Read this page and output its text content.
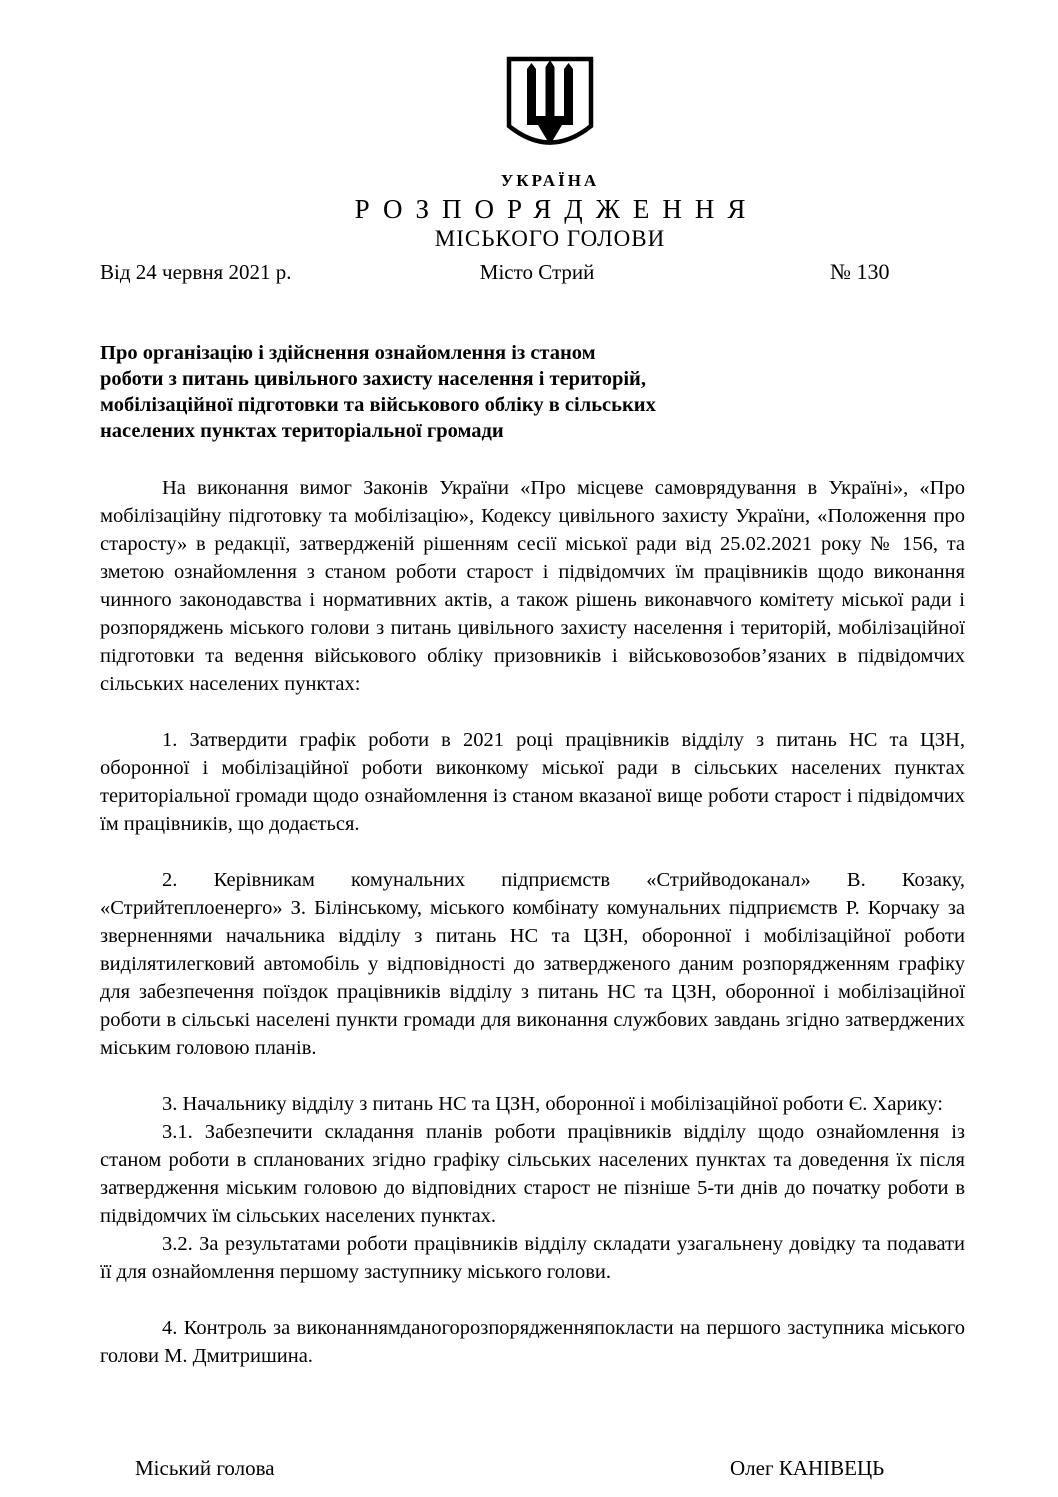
УКРАЇНА
РОЗПОРЯДЖЕННЯ
МІСЬКОГО ГОЛОВИ
Від 24 червня 2021 р.	Місто Стрий	№ 130
Про організацію і здійснення ознайомлення із станом
роботи з питань цивільного захисту населення і територій,
мобілізаційної підготовки та військового обліку в сільських
населених пунктах територіальної громади

На виконання вимог Законів України «Про місцеве самоврядування в Україні», «Про мобілізаційну підготовку та мобілізацію», Кодексу цивільного захисту України, «Положення про старосту» в редакції, затвердженій рішенням сесії міської ради від 25.02.2021 року № 156, та зметою ознайомлення з станом роботи старост і підвідомчих їм працівників щодо виконання чинного законодавства і нормативних актів, а також рішень виконавчого комітету міської ради і розпоряджень міського голови з питань цивільного захисту населення і територій, мобілізаційної підготовки та ведення військового обліку призовників і військовозобов’язаних в підвідомчих сільських населених пунктах:

1. Затвердити графік роботи в 2021 році працівників відділу з питань НС та ЦЗН, оборонної і мобілізаційної роботи виконкому міської ради в сільських населених пунктах територіальної громади щодо ознайомлення із станом вказаної вище роботи старост і підвідомчих їм працівників, що додається.

2. Керівникам комунальних підприємств «Стрийводоканал» В. Козаку, «Стрийтеплоенерго» З. Білінському, міського комбінату комунальних підприємств Р. Корчаку за зверненнями начальника відділу з питань НС та ЦЗН, оборонної і мобілізаційної роботи виділятилегковий автомобіль у відповідності до затвердженого даним розпорядженням графіку для забезпечення поїздок працівників відділу з питань НС та ЦЗН, оборонної і мобілізаційної роботи в сільські населені пункти громади для виконання службових завдань згідно затверджених міським головою планів.

3. Начальнику відділу з питань НС та ЦЗН, оборонної і мобілізаційної роботи Є. Харику:

3.1. Забезпечити складання планів роботи працівників відділу щодо ознайомлення із станом роботи в спланованих згідно графіку сільських населених пунктах та доведення їх після затвердження міським головою до відповідних старост не пізніше 5-ти днів до початку роботи в підвідомчих їм сільських населених пунктах.

3.2. За результатами роботи працівників відділу складати узагальнену довідку та подавати її для ознайомлення першому заступнику міського голови.

4. Контроль за виконаннямданогорозпорядженняпокласти на першого заступника міського голови М. Дмитришина.

Міський голова	Олег КАНІВЕЦЬ
